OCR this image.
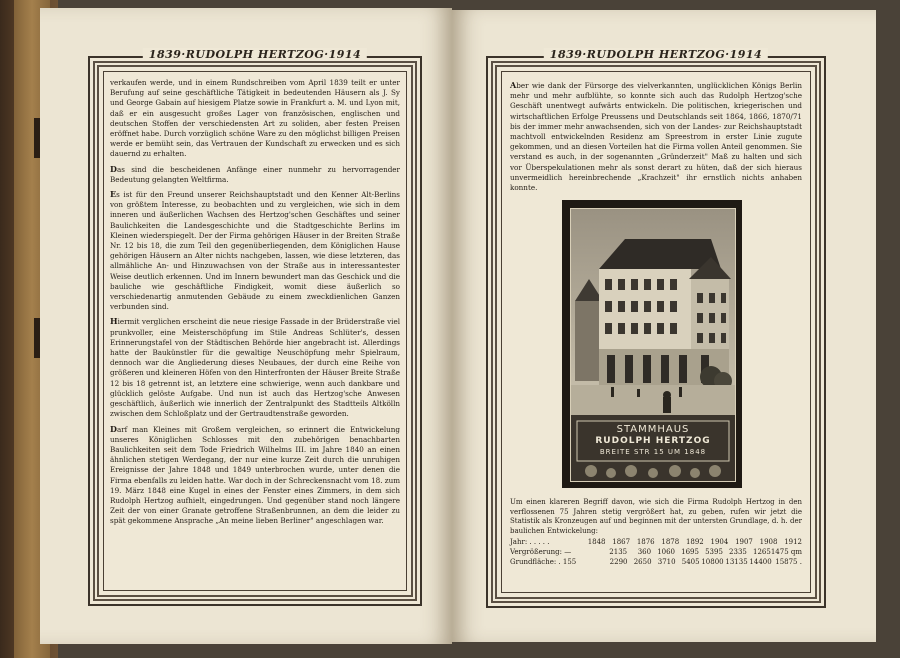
1839·RUDOLPH HERTZOG·1914

verkaufen werde, und in einem Rundschreiben vom April 1839 teilt er unter Berufung auf seine geschäftliche Tätigkeit in bedeutenden Häusern als J. Sy und George Gabain auf hiesigem Platze sowie in Frankfurt a. M. und Lyon mit, daß er ein ausgesucht großes Lager von französischen, englischen und deutschen Stoffen der verschiedensten Art zu soliden, aber festen Preisen eröffnet habe. Durch vorzüglich schöne Ware zu den möglichst billigen Preisen werde er bemüht sein, das Vertrauen der Kundschaft zu erwecken und es sich dauernd zu erhalten.

Das sind die bescheidenen Anfänge einer nunmehr zu hervorragender Bedeutung gelangten Weltfirma.

Es ist für den Freund unserer Reichshauptstadt und den Kenner Alt-Berlins von größtem Interesse, zu beobachten und zu vergleichen, wie sich in dem inneren und äußerlichen Wachsen des Hertzog'schen Geschäftes und seiner Baulichkeiten die Landesgeschichte und die Stadtgeschichte Berlins im Kleinen wiederspiegelt. Der der Firma gehörigen Häuser in der Breiten Straße Nr. 12 bis 18, die zum Teil den gegenüberliegenden, dem Königlichen Hause gehörigen Häusern an Alter nichts nachgeben, lassen, wie diese letzteren, das allmähliche An- und Hinzuwachsen von der Straße aus in interessantester Weise deutlich erkennen. Und im Innern bewundert man das Geschick und die bauliche wie geschäftliche Findigkeit, womit diese äußerlich so verschiedenartig anmutenden Gebäude zu einem zweckdienlichen Ganzen verbunden sind.

Hiermit verglichen erscheint die neue riesige Fassade in der Brüderstraße viel prunkvoller, eine Meisterschöpfung im Stile Andreas Schlüter's, dessen Erinnerungstafel von der Städtischen Behörde hier angebracht ist. Allerdings hatte der Baukünstler für die gewaltige Neuschöpfung mehr Spielraum, dennoch war die Angliederung dieses Neubaues, der durch eine Reihe von größeren und kleineren Höfen von den Hinterfronten der Häuser Breite Straße 12 bis 18 getrennt ist, an letztere eine schwierige, wenn auch dankbare und glücklich gelöste Aufgabe. Und nun ist auch das Hertzog'sche Anwesen geschäftlich, äußerlich wie innerlich der Zentralpunkt des Stadtteils Altkölln zwischen dem Schloßplatz und der Gertraudtenstraße geworden.

Darf man Kleines mit Großem vergleichen, so erinnert die Entwickelung unseres Königlichen Schlosses mit den zubehörigen benachbarten Baulichkeiten seit dem Tode Friedrich Wilhelms III. im Jahre 1840 an einen ähnlichen stetigen Werdegang, der nur eine kurze Zeit durch die unruhigen Ereignisse der Jahre 1848 und 1849 unterbrochen wurde, unter denen die Firma ebenfalls zu leiden hatte. War doch in der Schreckensnacht vom 18. zum 19. März 1848 eine Kugel in eines der Fenster eines Zimmers, in dem sich Rudolph Hertzog aufhielt, eingedrungen. Und gegenüber stand noch längere Zeit der von einer Granate getroffene Straßenbrunnen, an dem die leider zu spät gekommene Ansprache „An meine lieben Berliner" angeschlagen war.

1839·RUDOLPH HERTZOG·1914

Aber wie dank der Fürsorge des vielverkannten, unglücklichen Königs Berlin mehr und mehr aufblühte, so konnte sich auch das Rudolph Hertzog'sche Geschäft unentwegt aufwärts entwickeln. Die politischen, kriegerischen und wirtschaftlichen Erfolge Preussens und Deutschlands seit 1864, 1866, 1870/71 bis der immer mehr anwachsenden, sich von der Landes- zur Reichshauptstadt machtvoll entwickelnden Residenz am Spreestrom in erster Linie zugute gekommen, und an diesen Vorteilen hat die Firma vollen Anteil genommen. Sie verstand es auch, in der sogenannten „Gründerzeit" Maß zu halten und sich vor Überspekulationen mehr als sonst derart zu hüten, daß der sich hieraus unvermeidlich hereinbrechende „Krachzeit" ihr ernstlich nichts anhaben konnte.

STAMMHAUS
RUDOLPH HERTZOG
BREITE STR 15 UM 1848
Um einen klareren Begriff davon, wie sich die Firma Rudolph Hertzog in den verflossenen 75 Jahren stetig vergrößert hat, zu geben, rufen wir jetzt die Statistik als Kronzeugen auf und beginnen mit der untersten Grundlage, d. h. der baulichen Entwickelung:
Jahr: . . . . .	1848 1867 1876 1878 1892 1904 1907 1908 1912
Vergrößerung: —	2135	360 1060 1695 5395 2335 1265 1475 qm
Grundfläche: . 155	2290 2650 3710 5405 10800 13135 14400 15875 .
